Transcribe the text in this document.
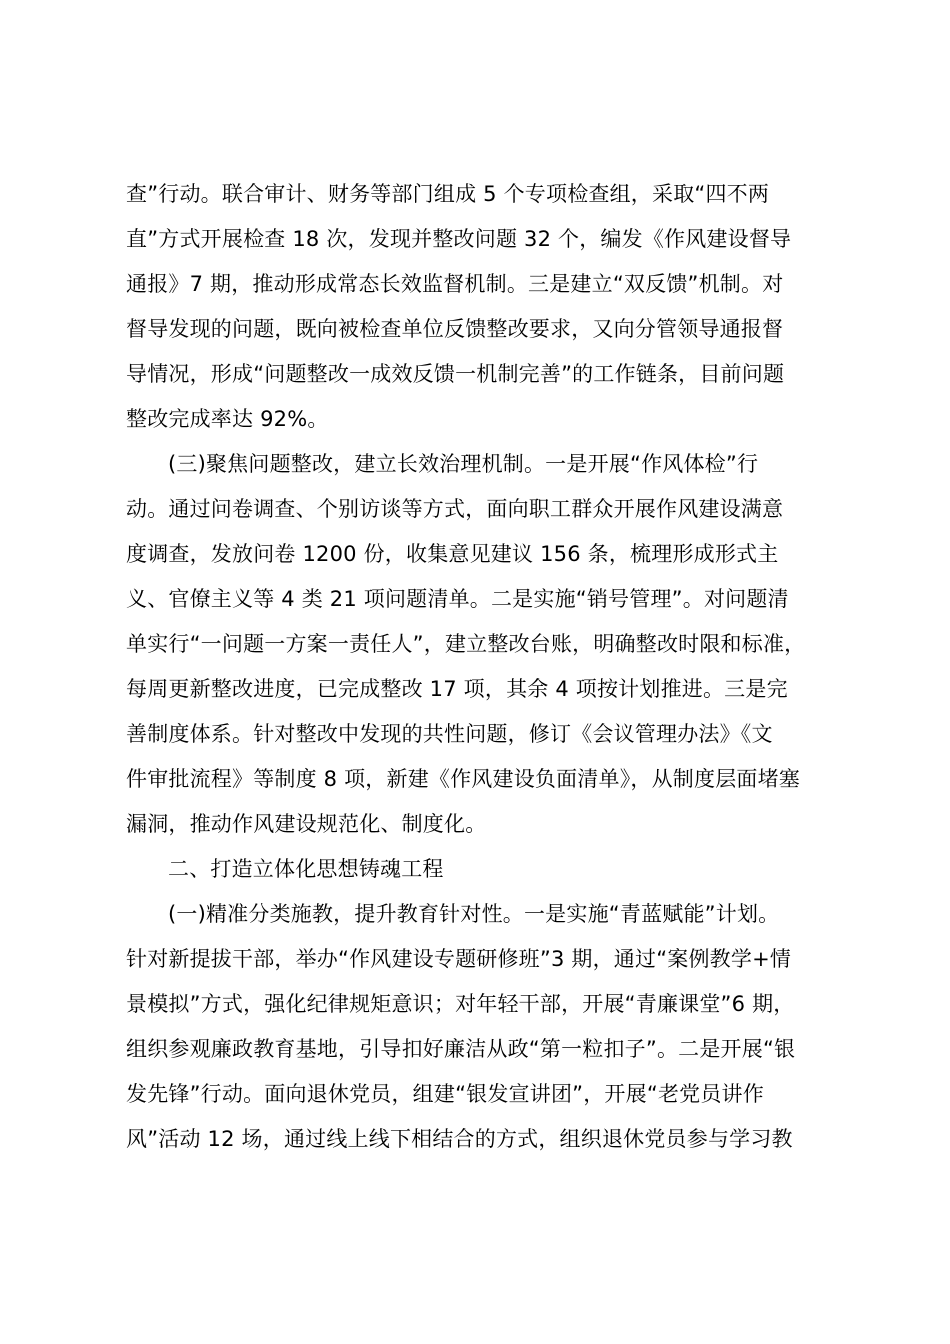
查”行动。联合审计、财务等部门组成 5 个专项检查组，采取“四不两
直”方式开展检查 18 次，发现并整改问题 32 个，编发《作风建设督导
通报》7 期，推动形成常态长效监督机制。三是建立“双反馈”机制。对
督导发现的问题，既向被检查单位反馈整改要求，又向分管领导通报督
导情况，形成“问题整改一成效反馈一机制完善”的工作链条，目前问题
整改完成率达 92%。
(三)聚焦问题整改，建立长效治理机制。一是开展“作风体检”行
动。通过问卷调查、个别访谈等方式，面向职工群众开展作风建设满意
度调查，发放问卷 1200 份，收集意见建议 156 条，梳理形成形式主
义、官僚主义等 4 类 21 项问题清单。二是实施“销号管理”。对问题清
单实行“一问题一方案一责任人”，建立整改台账，明确整改时限和标准，
每周更新整改进度，已完成整改 17 项，其余 4 项按计划推进。三是完
善制度体系。针对整改中发现的共性问题，修订《会议管理办法》《文
件审批流程》等制度 8 项，新建《作风建设负面清单》，从制度层面堵塞
漏洞，推动作风建设规范化、制度化。
二、打造立体化思想铸魂工程
(一)精准分类施教，提升教育针对性。一是实施“青蓝赋能”计划。
针对新提拔干部，举办“作风建设专题研修班”3 期，通过“案例教学+情
景模拟”方式，强化纪律规矩意识；对年轻干部，开展“青廉课堂”6 期，
组织参观廉政教育基地，引导扣好廉洁从政“第一粒扣子”。二是开展“银
发先锋”行动。面向退休党员，组建“银发宣讲团”，开展“老党员讲作
风”活动 12 场，通过线上线下相结合的方式，组织退休党员参与学习教
